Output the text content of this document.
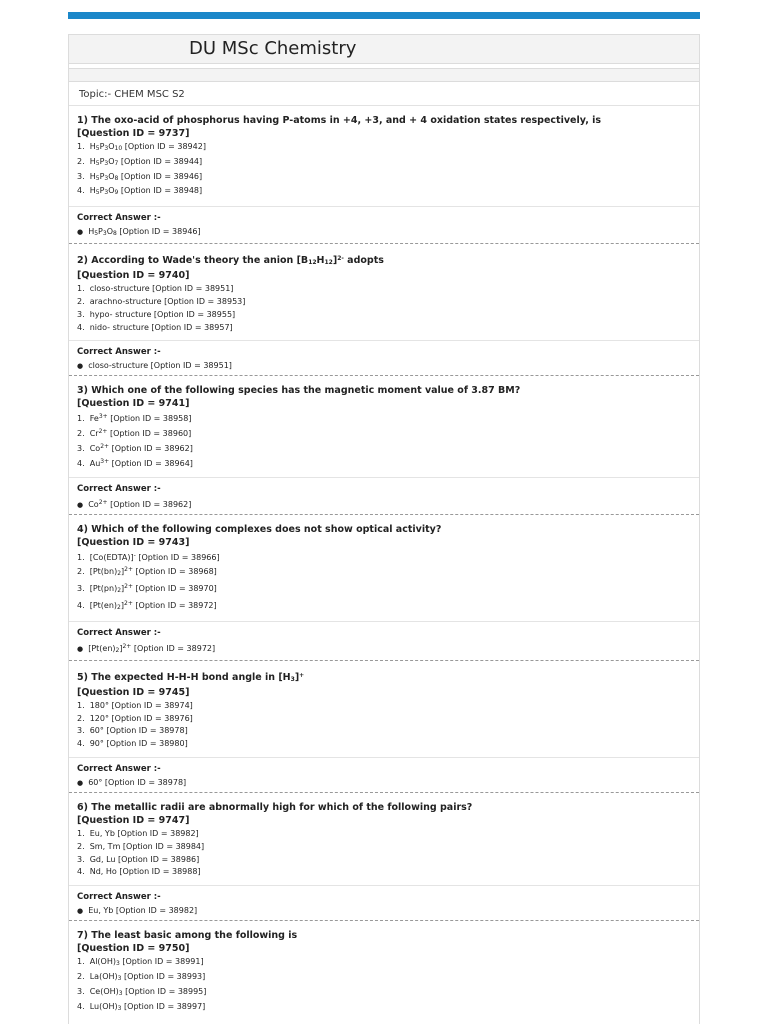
DU MSc Chemistry
Topic:- CHEM MSC S2
1) The oxo-acid of phosphorus having P-atoms in +4, +3, and + 4 oxidation states respectively, is
[Question ID = 9737]
1.  $H_5P_3O_{10}$ [Option ID = 38942]
2.  $H_5P_3O_7$ [Option ID = 38944]
3.  $H_5P_3O_8$ [Option ID = 38946]
4.  $H_5P_3O_9$ [Option ID = 38948]
Correct Answer :-
●  $H_5P_3O_8$ [Option ID = 38946]
2) According to Wade's theory the anion $[B_{12}H_{12}]^{2-}$ adopts
[Question ID = 9740]
1.  closo-structure [Option ID = 38951]
2.  arachno-structure [Option ID = 38953]
3.  hypo- structure [Option ID = 38955]
4.  nido- structure [Option ID = 38957]
Correct Answer :-
●  closo-structure [Option ID = 38951]
3) Which one of the following species has the magnetic moment value of 3.87 BM?
[Question ID = 9741]
1.  $Fe^{3+}$ [Option ID = 38958]
2.  $Cr^{2+}$ [Option ID = 38960]
3.  $Co^{2+}$ [Option ID = 38962]
4.  $Au^{3+}$ [Option ID = 38964]
Correct Answer :-
●  $Co^{2+}$ [Option ID = 38962]
4) Which of the following complexes does not show optical activity?
[Question ID = 9743]
1.  [Co(EDTA)]- [Option ID = 38966]
2.  $[Pt(bn)_2]^{2+}$ [Option ID = 38968]
3.  $[Pt(pn)_2]^{2+}$ [Option ID = 38970]
4.  $[Pt(en)_2]^{2+}$ [Option ID = 38972]
Correct Answer :-
●  $[Pt(en)_2]^{2+}$ [Option ID = 38972]
5) The expected H-H-H bond angle in $[H_3]^+$
[Question ID = 9745]
1.  180° [Option ID = 38974]
2.  120° [Option ID = 38976]
3.  60° [Option ID = 38978]
4.  90° [Option ID = 38980]
Correct Answer :-
●  60° [Option ID = 38978]
6) The metallic radii are abnormally high for which of the following pairs?
[Question ID = 9747]
1.  Eu, Yb [Option ID = 38982]
2.  Sm, Tm [Option ID = 38984]
3.  Gd, Lu [Option ID = 38986]
4.  Nd, Ho [Option ID = 38988]
Correct Answer :-
●  Eu, Yb [Option ID = 38982]
7) The least basic among the following is
[Question ID = 9750]
1.  $Al(OH)_3$ [Option ID = 38991]
2.  $La(OH)_3$ [Option ID = 38993]
3.  $Ce(OH)_3$ [Option ID = 38995]
4.  $Lu(OH)_3$ [Option ID = 38997]
